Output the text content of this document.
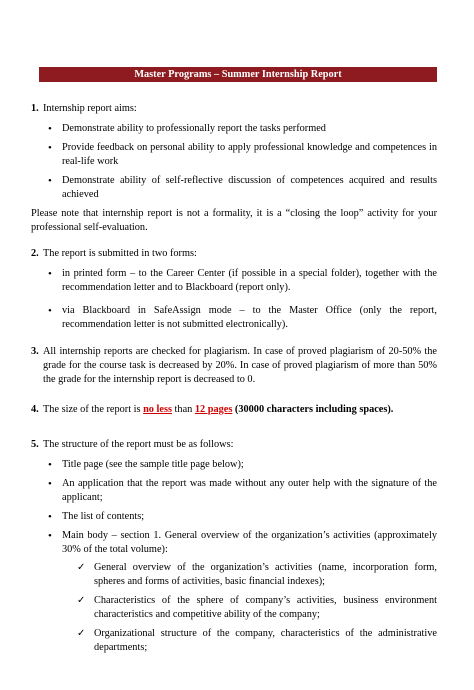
Master Programs – Summer Internship Report
1. Internship report aims:

• Demonstrate ability to professionally report the tasks performed
• Provide feedback on personal ability to apply professional knowledge and competences in real-life work
• Demonstrate ability of self-reflective discussion of competences acquired and results achieved

Please note that internship report is not a formality, it is a “closing the loop” activity for your professional self-evaluation.

2. The report is submitted in two forms:

• in printed form – to the Career Center (if possible in a special folder), together with the recommendation letter and to Blackboard (report only).
• via Blackboard in SafeAssign mode – to the Master Office (only the report, recommendation letter is not submitted electronically).
3. All internship reports are checked for plagiarism. In case of proved plagiarism of 20-50% the grade for the course task is decreased by 20%. In case of proved plagiarism of more than 50% the grade for the internship report is decreased to 0.

4. The size of the report is no less than 12 pages (30000 characters including spaces).

5. The structure of the report must be as follows:

• Title page (see the sample title page below);
• An application that the report was made without any outer help with the signature of the applicant;
• The list of contents;
• Main body – section 1. General overview of the organization’s activities (approximately 30% of the total volume):
✓ General overview of the organization’s activities (name, incorporation form, spheres and forms of activities, basic financial indexes);
✓ Characteristics of the sphere of company’s activities, business environment characteristics and competitive ability of the company;
✓ Organizational structure of the company, characteristics of the administrative departments;
